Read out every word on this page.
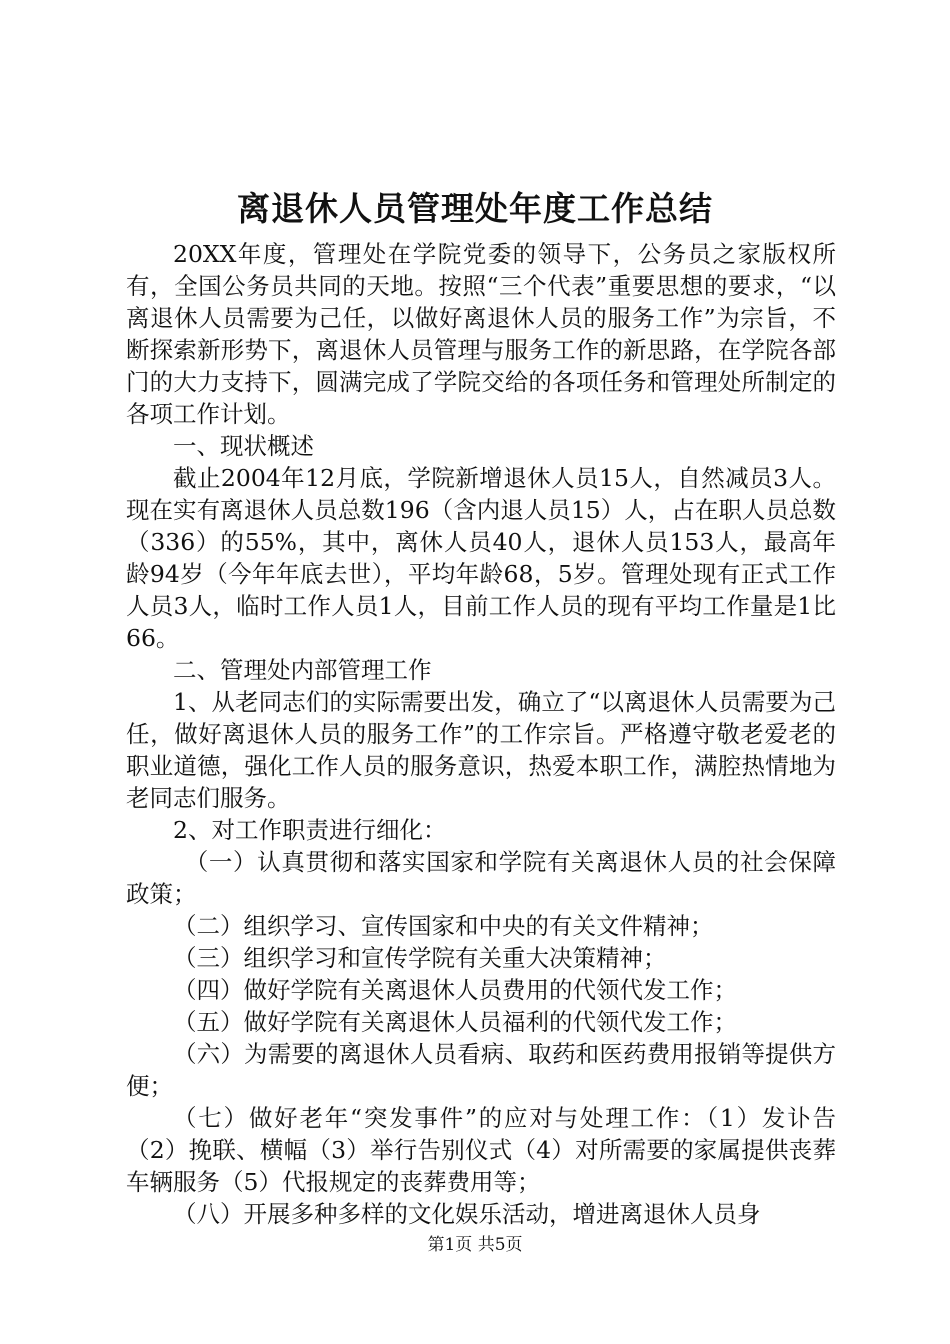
离退休人员管理处年度工作总结

20XX年度，管理处在学院党委的领导下，公务员之家版权所有，全国公务员共同的天地。按照“三个代表”重要思想的要求，“以离退休人员需要为己任，以做好离退休人员的服务工作”为宗旨，不断探索新形势下，离退休人员管理与服务工作的新思路，在学院各部门的大力支持下，圆满完成了学院交给的各项任务和管理处所制定的各项工作计划。

一、现状概述

截止2004年12月底，学院新增退休人员15人，自然减员3人。现在实有离退休人员总数196（含内退人员15）人，占在职人员总数（336）的55%，其中，离休人员40人，退休人员153人，最高年龄94岁（今年年底去世），平均年龄68，5岁。管理处现有正式工作人员3人，临时工作人员1人，目前工作人员的现有平均工作量是1比66。

二、管理处内部管理工作

1、从老同志们的实际需要出发，确立了“以离退休人员需要为己任，做好离退休人员的服务工作”的工作宗旨。严格遵守敬老爱老的职业道德，强化工作人员的服务意识，热爱本职工作，满腔热情地为老同志们服务。

2、对工作职责进行细化：

（一）认真贯彻和落实国家和学院有关离退休人员的社会保障政策；

（二）组织学习、宣传国家和中央的有关文件精神；

（三）组织学习和宣传学院有关重大决策精神；

（四）做好学院有关离退休人员费用的代领代发工作；

（五）做好学院有关离退休人员福利的代领代发工作；

（六）为需要的离退休人员看病、取药和医药费用报销等提供方便；

（七）做好老年“突发事件”的应对与处理工作：（1）发讣告（2）挽联、横幅（3）举行告别仪式（4）对所需要的家属提供丧葬车辆服务（5）代报规定的丧葬费用等；

（八）开展多种多样的文化娱乐活动，增进离退休人员身

第1页 共5页
